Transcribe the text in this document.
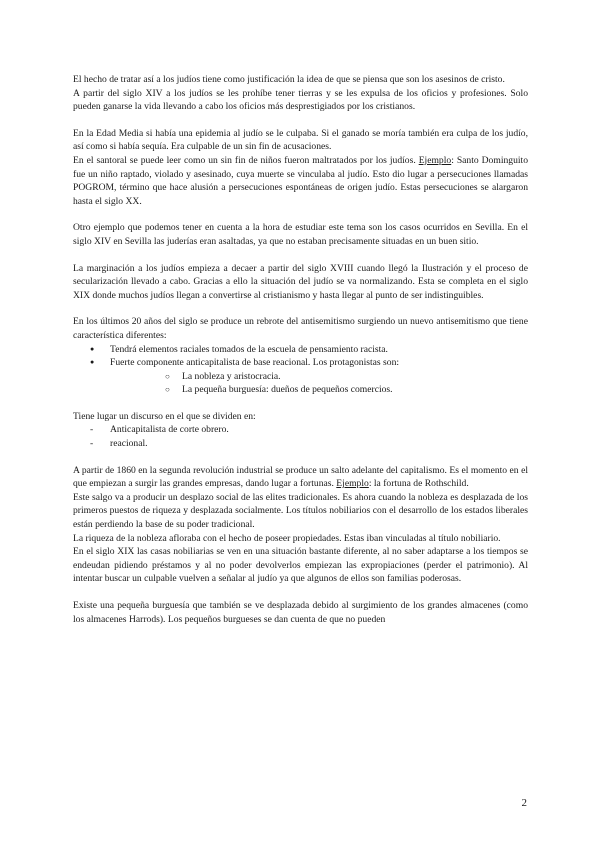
El hecho de tratar así a los judíos tiene como justificación la idea de que se piensa que son los asesinos de cristo.

A partir del siglo XIV a los judíos se les prohíbe tener tierras y se les expulsa de los oficios y profesiones. Solo pueden ganarse la vida llevando a cabo los oficios más desprestigiados por los cristianos.

En la Edad Media si había una epidemia al judío se le culpaba. Si el ganado se moría también era culpa de los judío, así como si había sequía. Era culpable de un sin fin de acusaciones.

En el santoral se puede leer como un sin fin de niños fueron maltratados por los judíos. Ejemplo: Santo Dominguito fue un niño raptado, violado y asesinado, cuya muerte se vinculaba al judío. Esto dio lugar a persecuciones llamadas POGROM, término que hace alusión a persecuciones espontáneas de origen judío. Estas persecuciones se alargaron hasta el siglo XX.

Otro ejemplo que podemos tener en cuenta a la hora de estudiar este tema son los casos ocurridos en Sevilla. En el siglo XIV en Sevilla las juderías eran asaltadas, ya que no estaban precisamente situadas en un buen sitio.

La marginación a los judíos empieza a decaer a partir del siglo XVIII cuando llegó la Ilustración y el proceso de secularización llevado a cabo. Gracias a ello la situación del judío se va normalizando. Esta se completa en el siglo XIX donde muchos judíos llegan a convertirse al cristianismo y hasta llegar al punto de ser indistinguibles.

En los últimos 20 años del siglo se produce un rebrote del antisemitismo surgiendo un nuevo antisemitismo que tiene característica diferentes:

● Tendrá elementos raciales tomados de la escuela de pensamiento racista.
● Fuerte componente anticapitalista de base reacional. Los protagonistas son:
○ La nobleza y aristocracia.
○ La pequeña burguesía: dueños de pequeños comercios.

Tiene lugar un discurso en el que se dividen en:

- Anticapitalista de corte obrero.
- reacional.

A partir de 1860 en la segunda revolución industrial se produce un salto adelante del capitalismo. Es el momento en el que empiezan a surgir las grandes empresas, dando lugar a fortunas. Ejemplo: la fortuna de Rothschild.

Este salgo va a producir un desplazo social de las elites tradicionales. Es ahora cuando la nobleza es desplazada de los primeros puestos de riqueza y desplazada socialmente. Los títulos nobiliarios con el desarrollo de los estados liberales están perdiendo la base de su poder tradicional.

La riqueza de la nobleza afloraba con el hecho de poseer propiedades. Estas iban vinculadas al título nobiliario.

En el siglo XIX las casas nobiliarias se ven en una situación bastante diferente, al no saber adaptarse a los tiempos se endeudan pidiendo préstamos y al no poder devolverlos empiezan las expropiaciones (perder el patrimonio). Al intentar buscar un culpable vuelven a señalar al judío ya que algunos de ellos son familias poderosas.

Existe una pequeña burguesía que también se ve desplazada debido al surgimiento de los grandes almacenes (como los almacenes Harrods). Los pequeños burgueses se dan cuenta de que no pueden

2
